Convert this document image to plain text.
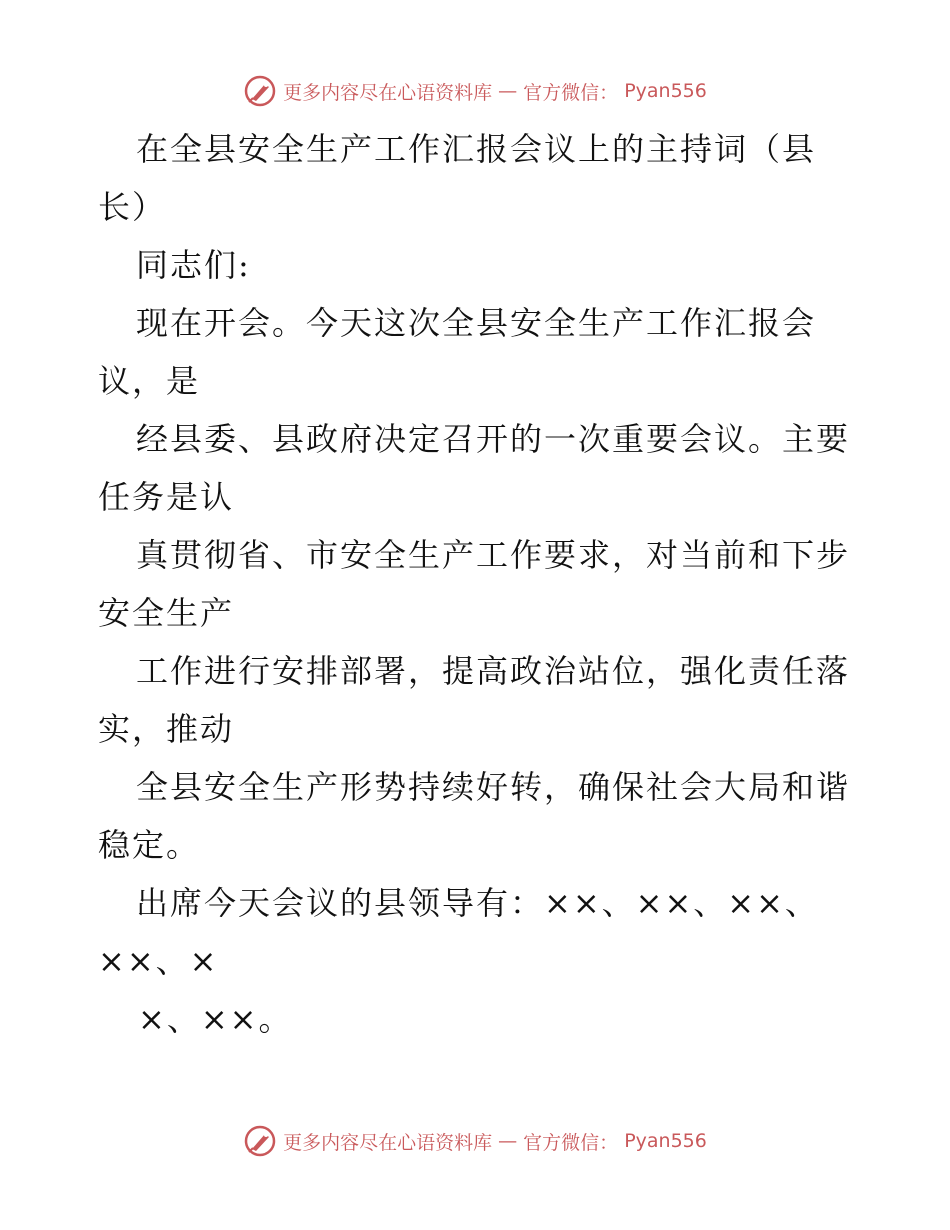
更多内容尽在心语资料库 — 官方微信： Pyan556
在全县安全生产工作汇报会议上的主持词（县
长）
同志们:
现在开会。今天这次全县安全生产工作汇报会
议，是
经县委、县政府决定召开的一次重要会议。主要
任务是认
真贯彻省、市安全生产工作要求，对当前和下步
安全生产
工作进行安排部署，提高政治站位，强化责任落
实，推动
全县安全生产形势持续好转，确保社会大局和谐
稳定。
出席今天会议的县领导有：××、××、××、
××、×
×、××。
更多内容尽在心语资料库 — 官方微信： Pyan556
